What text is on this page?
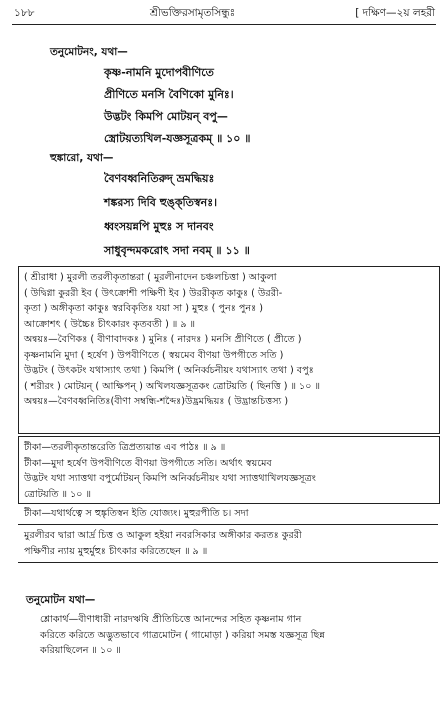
১৮৮	শ্রীভক্তিরসামৃতসিন্ধুঃ	[ দক্ষিণ—২য় লহরী
তনুমোটনং, যথা—
কৃষ্ণ-নামনি মুদোপবীণিতে
প্রীণিতে মনসি বৈণিকো মুনিঃ।
উদ্ভটং কিমপি মোটয়ন্ বপু—
স্ত্রোটয়ত্যখিল-যজ্ঞসূত্রকম্ ॥ ১০ ॥
হুঙ্কারো, যথা—
বৈণবধ্বনিতিরুদ্ ভ্রমদ্ধিয়ঃ
শঙ্করস্য দিবি হুঙ্ক্‌তিস্বনঃ।
ধ্বংসয়ন্নপি মুহুঃ স দানবং
সাধুবৃন্দমকরোৎ সদা নবম্ ॥ ১১ ॥

( শ্রীরাধা ) মুরলী তরলীকৃতান্তরা ( মুরলীনাদেন চঞ্চলচিত্তা ) আকুলা

( উদ্বিগ্না কুররী ইব ( উৎক্রোশী পক্ষিণী ইব ) উররীকৃত কাকুঃ ( উররী-

কৃতা ) অঙ্গীকৃতা কাকুঃ স্বরবিকৃতিঃ যয়া সা ) মুহুঃ ( পুনঃ পুনঃ )

আক্রোশৎ ( উচ্চৈঃ চীৎকারং কৃতবতী ) ॥ ৯ ॥

অন্বয়ঃ—বৈণিকঃ ( বীণাবাদকঃ ) মুনিঃ ( নারদঃ ) মনসি প্রীণিতে ( প্রীতে )

কৃষ্ণনামনি মুদা ( হর্ষেণ ) উপবীণিতে ( স্বয়মেব বীণয়া উপগীতে সতি )

উদ্ভটং ( উৎকটং যথাস্যাৎ তথা ) কিমপি ( অনির্ব্বচনীয়ং যথাস্যাৎ তথা ) বপুঃ

( শরীরং ) মোটয়ন্ ( আক্ষিপন্ ) অখিলযজ্ঞসূত্রকং ত্রোটয়তি ( ছিনত্তি ) ॥ ১০ ॥

অন্বয়ঃ—বৈণবধ্বনিতিঃ(বীণা সম্বন্ধি-শব্দৈঃ)উদ্ভ্রমদ্ধিয়ঃ ( উদ্ভ্রান্তচিত্তস্য )

টীকা—তরলীকৃতান্তরেতি ত্রিপ্রত্যয়ান্ত এব পাঠঃ ॥ ৯ ॥

টীকা—মুদা হর্ষেণ উপবীণিতে বীণয়া উপগীতে সতি। অর্থাৎ স্বয়মেব

উদ্ভটং যথা স্যাত্তথা বপুর্মোটয়ন্ কিমপি অনির্ব্বচনীয়ং যথা স্যাত্তথাখিলযজ্ঞসূত্রং

ত্রোটয়তি ॥ ১০ ॥

টীকা—যথার্থত্বে স হুঙ্কৃতিস্বন ইতি যোজ্যং। মুহুরপীতি চ। সদা

মুরলীরব দ্বারা আর্দ্র চিত্ত ও আকুল হইয়া নবরসিকার অঙ্গীকার করতঃ কুররী

পক্ষিণীর ন্যায় মুহুর্মুহুঃ চীৎকার করিতেছেন ॥ ৯ ॥

তনুমোটন যথা—

শ্লোকার্থ—বীণাধারী নারদঋষি প্রীতিচিত্তে আনন্দের সহিত কৃষ্ণনাম গান

করিতে করিতে অদ্ভুতভাবে গাত্রমোটন ( গামোড়া ) করিয়া সমস্ত যজ্ঞসূত্র ছিন্ন

করিয়াছিলেন ॥ ১০ ॥
